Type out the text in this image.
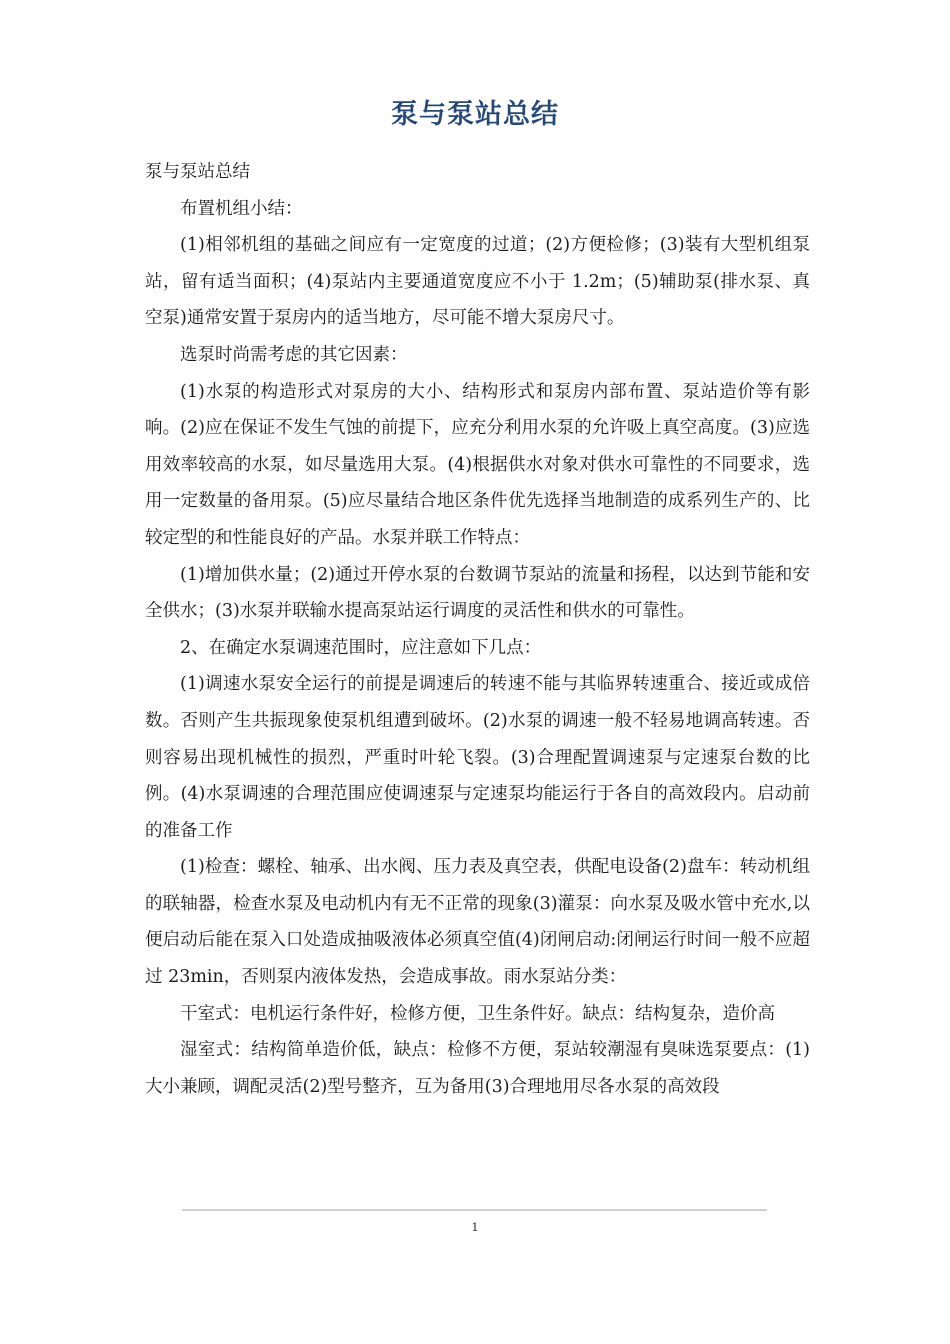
泵与泵站总结

泵与泵站总结

布置机组小结：

(1)相邻机组的基础之间应有一定宽度的过道；(2)方便检修；(3)装有大型机组泵站，留有适当面积；(4)泵站内主要通道宽度应不小于 1.2m；(5)辅助泵(排水泵、真空泵)通常安置于泵房内的适当地方，尽可能不增大泵房尺寸。

选泵时尚需考虑的其它因素：

(1)水泵的构造形式对泵房的大小、结构形式和泵房内部布置、泵站造价等有影响。(2)应在保证不发生气蚀的前提下，应充分利用水泵的允许吸上真空高度。(3)应选用效率较高的水泵，如尽量选用大泵。(4)根据供水对象对供水可靠性的不同要求，选用一定数量的备用泵。(5)应尽量结合地区条件优先选择当地制造的成系列生产的、比较定型的和性能良好的产品。水泵并联工作特点：

(1)增加供水量；(2)通过开停水泵的台数调节泵站的流量和扬程，以达到节能和安全供水；(3)水泵并联输水提高泵站运行调度的灵活性和供水的可靠性。

2、在确定水泵调速范围时，应注意如下几点：

(1)调速水泵安全运行的前提是调速后的转速不能与其临界转速重合、接近或成倍数。否则产生共振现象使泵机组遭到破坏。(2)水泵的调速一般不轻易地调高转速。否则容易出现机械性的损烈，严重时叶轮飞裂。(3)合理配置调速泵与定速泵台数的比例。(4)水泵调速的合理范围应使调速泵与定速泵均能运行于各自的高效段内。启动前的准备工作

(1)检查：螺栓、轴承、出水阀、压力表及真空表，供配电设备(2)盘车：转动机组的联轴器，检查水泵及电动机内有无不正常的现象(3)灌泵：向水泵及吸水管中充水,以便启动后能在泵入口处造成抽吸液体必须真空值(4)闭闸启动:闭闸运行时间一般不应超过 23min，否则泵内液体发热，会造成事故。雨水泵站分类：

干室式：电机运行条件好，检修方便，卫生条件好。缺点：结构复杂，造价高

湿室式：结构简单造价低，缺点：检修不方便，泵站较潮湿有臭味选泵要点：(1)大小兼顾，调配灵活(2)型号整齐，互为备用(3)合理地用尽各水泵的高效段

1
